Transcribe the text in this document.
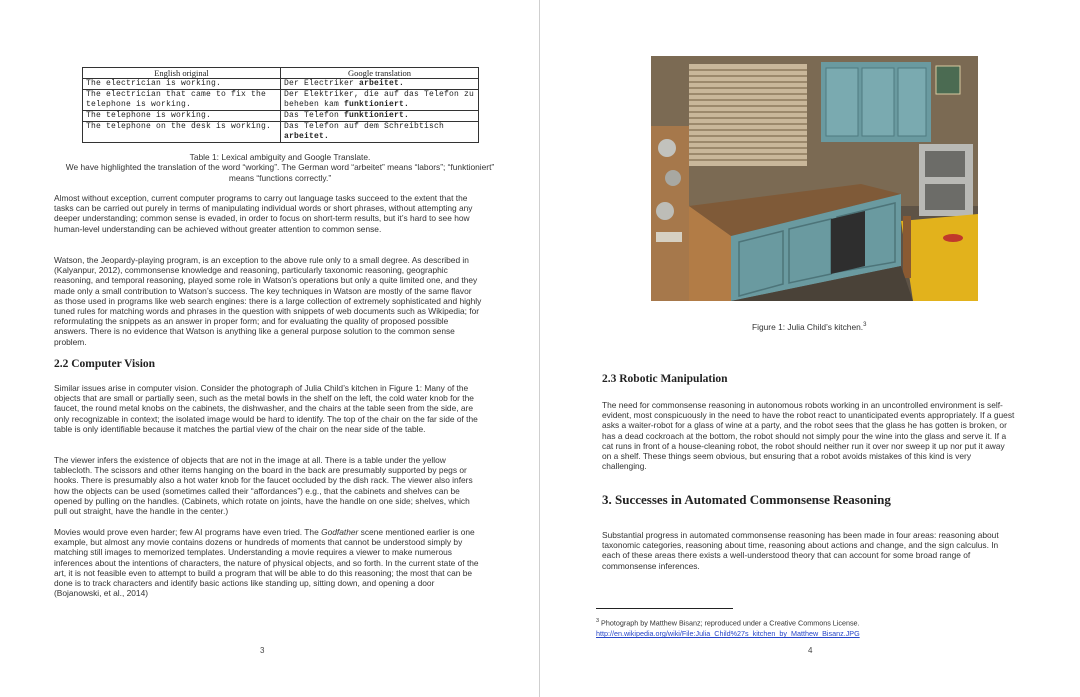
English original	Google translation
The electrician is working.	Der Electriker arbeitet.
The electrician that came to fix the telephone is working.	Der Elektriker, die auf das Telefon zu beheben kam funktioniert.
The telephone is working.	Das Telefon funktioniert.
The telephone on the desk is working.	Das Telefon auf dem Schreibtisch arbeitet.
Table 1: Lexical ambiguity and Google Translate.
We have highlighted the translation of the word “working”. The German word “arbeitet” means “labors”; “funktioniert” means “functions correctly.”
Almost without exception, current computer programs to carry out language tasks succeed to the extent that the tasks can be carried out purely in terms of manipulating individual words or short phrases, without attempting any deeper understanding; common sense is evaded, in order to focus on short-term results, but it’s hard to see how human-level understanding can be achieved without greater attention to common sense.
Watson, the Jeopardy-playing program, is an exception to the above rule only to a small degree. As described in (Kalyanpur, 2012), commonsense knowledge and reasoning, particularly taxonomic reasoning, geographic reasoning, and temporal reasoning, played some role in Watson’s operations but only a quite limited one, and they made only a small contribution to Watson’s success. The key techniques in Watson are mostly of the same flavor as those used in programs like web search engines: there is a large collection of extremely sophisticated and highly tuned rules for matching words and phrases in the question with snippets of web documents such as Wikipedia; for reformulating the snippets as an answer in proper form; and for evaluating the quality of proposed possible answers. There is no evidence that Watson is anything like a general purpose solution to the common sense problem.
2.2 Computer Vision
Similar issues arise in computer vision. Consider the photograph of Julia Child’s kitchen in Figure 1: Many of the objects that are small or partially seen, such as the metal bowls in the shelf on the left, the cold water knob for the faucet, the round metal knobs on the cabinets, the dishwasher, and the chairs at the table seen from the side, are only recognizable in context; the isolated image would be hard to identify. The top of the chair on the far side of the table is only identifiable because it matches the partial view of the chair on the near side of the table.
The viewer infers the existence of objects that are not in the image at all. There is a table under the yellow tablecloth. The scissors and other items hanging on the board in the back are presumably supported by pegs or hooks. There is presumably also a hot water knob for the faucet occluded by the dish rack. The viewer also infers how the objects can be used (sometimes called their “affordances”) e.g., that the cabinets and shelves can be opened by pulling on the handles. (Cabinets, which rotate on joints, have the handle on one side; shelves, which pull out straight, have the handle in the center.)
Movies would prove even harder; few AI programs have even tried. The Godfather scene mentioned earlier is one example, but almost any movie contains dozens or hundreds of moments that cannot be understood simply by matching still images to memorized templates. Understanding a movie requires a viewer to make numerous inferences about the intentions of characters, the nature of physical objects, and so forth. In the current state of the art, it is not feasible even to attempt to build a program that will be able to do this reasoning; the most that can be done is to track characters and identify basic actions like standing up, sitting down, and opening a door (Bojanowski, et al., 2014)
3
Figure 1: Julia Child’s kitchen.$^3$
2.3 Robotic Manipulation
The need for commonsense reasoning in autonomous robots working in an uncontrolled environment is self-evident, most conspicuously in the need to have the robot react to unanticipated events appropriately. If a guest asks a waiter-robot for a glass of wine at a party, and the robot sees that the glass he has gotten is broken, or has a dead cockroach at the bottom, the robot should not simply pour the wine into the glass and serve it. If a cat runs in front of a house-cleaning robot, the robot should neither run it over nor sweep it up nor put it away on a shelf. These things seem obvious, but ensuring that a robot avoids mistakes of this kind is very challenging.
3. Successes in Automated Commonsense Reasoning
Substantial progress in automated commonsense reasoning has been made in four areas: reasoning about taxonomic categories, reasoning about time, reasoning about actions and change, and the sign calculus. In each of these areas there exists a well-understood theory that can account for some broad range of commonsense inferences.
$^3$ Photograph by Matthew Bisanz; reproduced under a Creative Commons License.
http://en.wikipedia.org/wiki/File:Julia_Child%27s_kitchen_by_Matthew_Bisanz.JPG
4
